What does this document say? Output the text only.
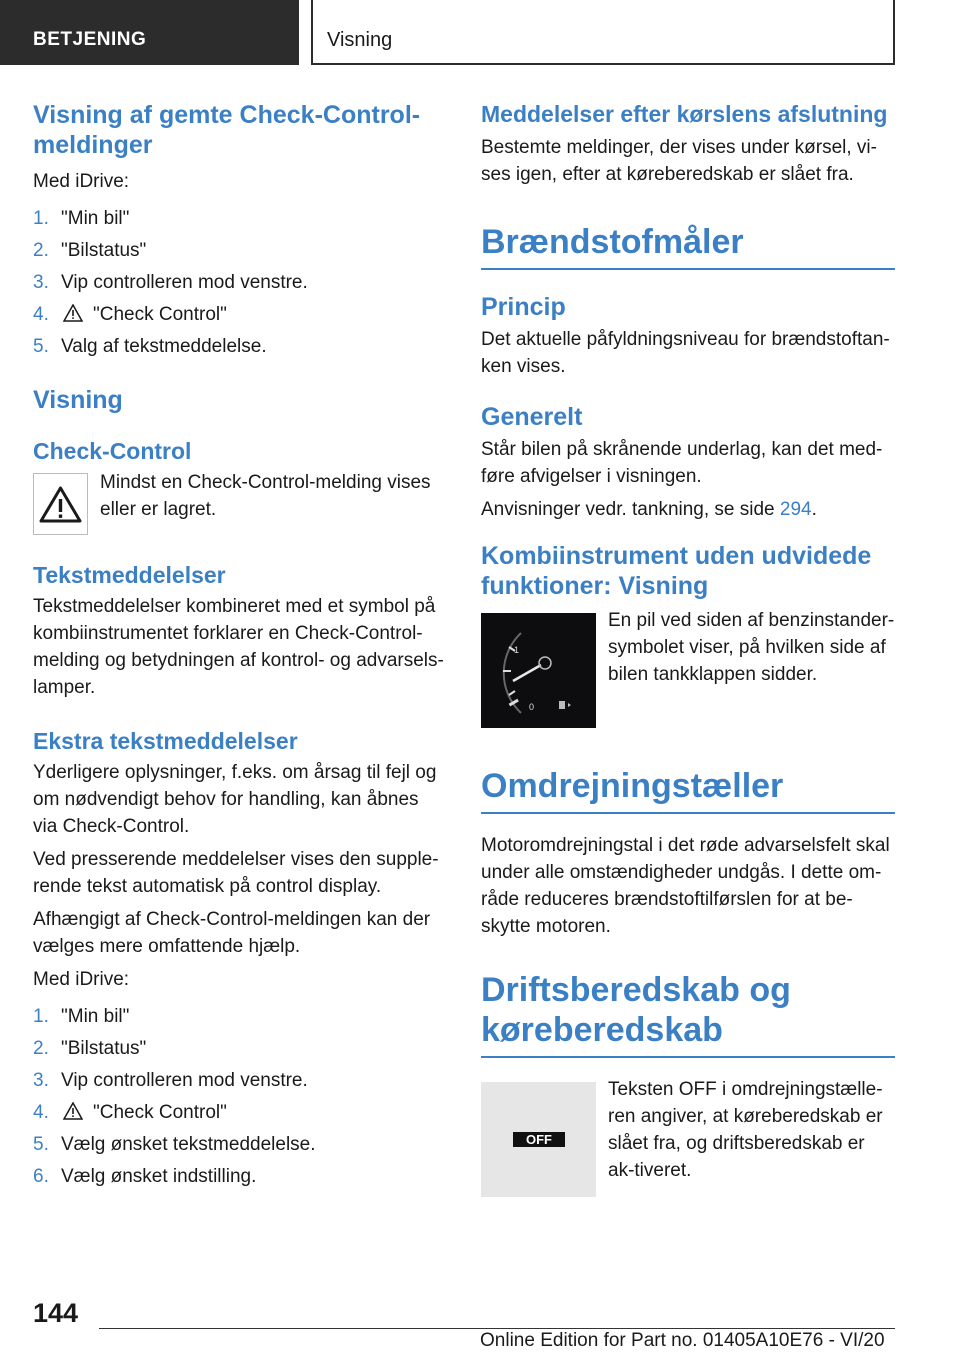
BETJENING	Visning
Visning af gemte Check-Control-meldinger

Med iDrive:

1. "Min bil"
2. "Bilstatus"
3. Vip controlleren mod venstre.
4.	"Check Control"
5. Valg af tekstmeddelelse.
Visning
Check-Control

Mindst en Check-Control-melding vises eller er lagret.

Tekstmeddelelser

Tekstmeddelelser kombineret med et symbol på kombiinstrumentet forklarer en Check-Control-melding og betydningen af kontrol- og advarsels-lamper.

Ekstra tekstmeddelelser

Yderligere oplysninger, f.eks. om årsag til fejl og om nødvendigt behov for handling, kan åbnes via Check-Control.

Ved presserende meddelelser vises den supple-rende tekst automatisk på control display.

Afhængigt af Check-Control-meldingen kan der vælges mere omfattende hjælp.

Med iDrive:

1. "Min bil"
2. "Bilstatus"
3. Vip controlleren mod venstre.
4.	"Check Control"
5. Vælg ønsket tekstmeddelelse.
6. Vælg ønsket indstilling.
Meddelelser efter kørslens afslutning

Bestemte meldinger, der vises under kørsel, vi-ses igen, efter at køreberedskab er slået fra.

Brændstofmåler
Princip

Det aktuelle påfyldningsniveau for brændstoftan-ken vises.

Generelt

Står bilen på skrånende underlag, kan det med-føre afvigelser i visningen.

Anvisninger vedr. tankning, se side 294.

Kombiinstrument uden udvidede funktioner: Visning
1
0

En pil ved siden af benzinstander-symbolet viser, på hvilken side af bilen tankklappen sidder.

Omdrejningstæller

Motoromdrejningstal i det røde advarselsfelt skal under alle omstændigheder undgås. I dette om-råde reduceres brændstoftilførslen for at be-skytte motoren.

Driftsberedskab og køreberedskab
OFF

Teksten OFF i omdrejningstælle-ren angiver, at køreberedskab er slået fra, og driftsberedskab er ak-tiveret.

144
Online Edition for Part no. 01405A10E76 - VI/20
